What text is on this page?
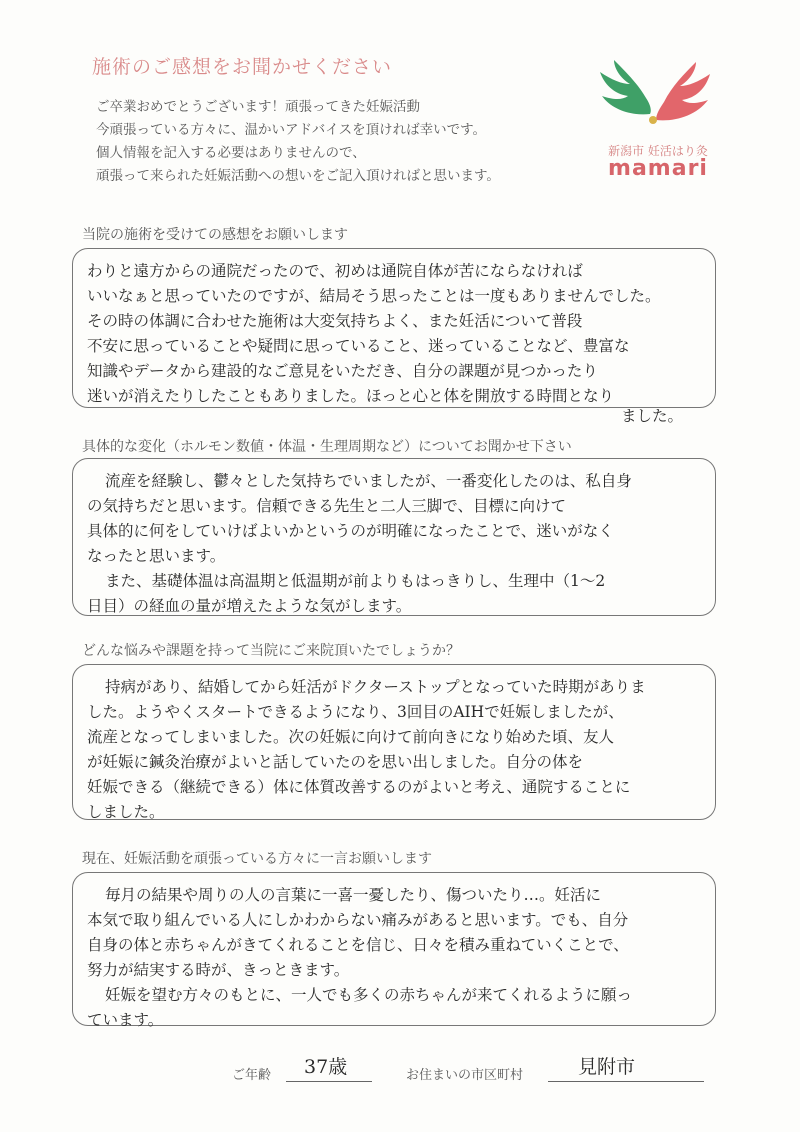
施術のご感想をお聞かせください
ご卒業おめでとうございます！頑張ってきた妊娠活動
今頑張っている方々に、温かいアドバイスを頂ければ幸いです。
個人情報を記入する必要はありませんので、
頑張って来られた妊娠活動への想いをご記入頂ければと思います。
新潟市 妊活はり灸
mamari
当院の施術を受けての感想をお願いします
わりと遠方からの通院だったので、初めは通院自体が苦にならなければ
いいなぁと思っていたのですが、結局そう思ったことは一度もありませんでした。
その時の体調に合わせた施術は大変気持ちよく、また妊活について普段
不安に思っていることや疑問に思っていること、迷っていることなど、豊富な
知識やデータから建設的なご意見をいただき、自分の課題が見つかったり
迷いが消えたりしたこともありました。ほっと心と体を開放する時間となり
ました。
具体的な変化（ホルモン数値・体温・生理周期など）についてお聞かせ下さい
流産を経験し、鬱々とした気持ちでいましたが、一番変化したのは、私自身
の気持ちだと思います。信頼できる先生と二人三脚で、目標に向けて
具体的に何をしていけばよいかというのが明確になったことで、迷いがなく
なったと思います。
また、基礎体温は高温期と低温期が前よりもはっきりし、生理中（1〜2
日目）の経血の量が増えたような気がします。
どんな悩みや課題を持って当院にご来院頂いたでしょうか？
持病があり、結婚してから妊活がドクターストップとなっていた時期がありま
した。ようやくスタートできるようになり、3回目のAIHで妊娠しましたが、
流産となってしまいました。次の妊娠に向けて前向きになり始めた頃、友人
が妊娠に鍼灸治療がよいと話していたのを思い出しました。自分の体を
妊娠できる（継続できる）体に体質改善するのがよいと考え、通院することに
しました。
現在、妊娠活動を頑張っている方々に一言お願いします
毎月の結果や周りの人の言葉に一喜一憂したり、傷ついたり…。妊活に
本気で取り組んでいる人にしかわからない痛みがあると思います。でも、自分
自身の体と赤ちゃんがきてくれることを信じ、日々を積み重ねていくことで、
努力が結実する時が、きっときます。
妊娠を望む方々のもとに、一人でも多くの赤ちゃんが来てくれるように願っ
ています。
ご年齢	37歳	お住まいの市区町村	見附市
